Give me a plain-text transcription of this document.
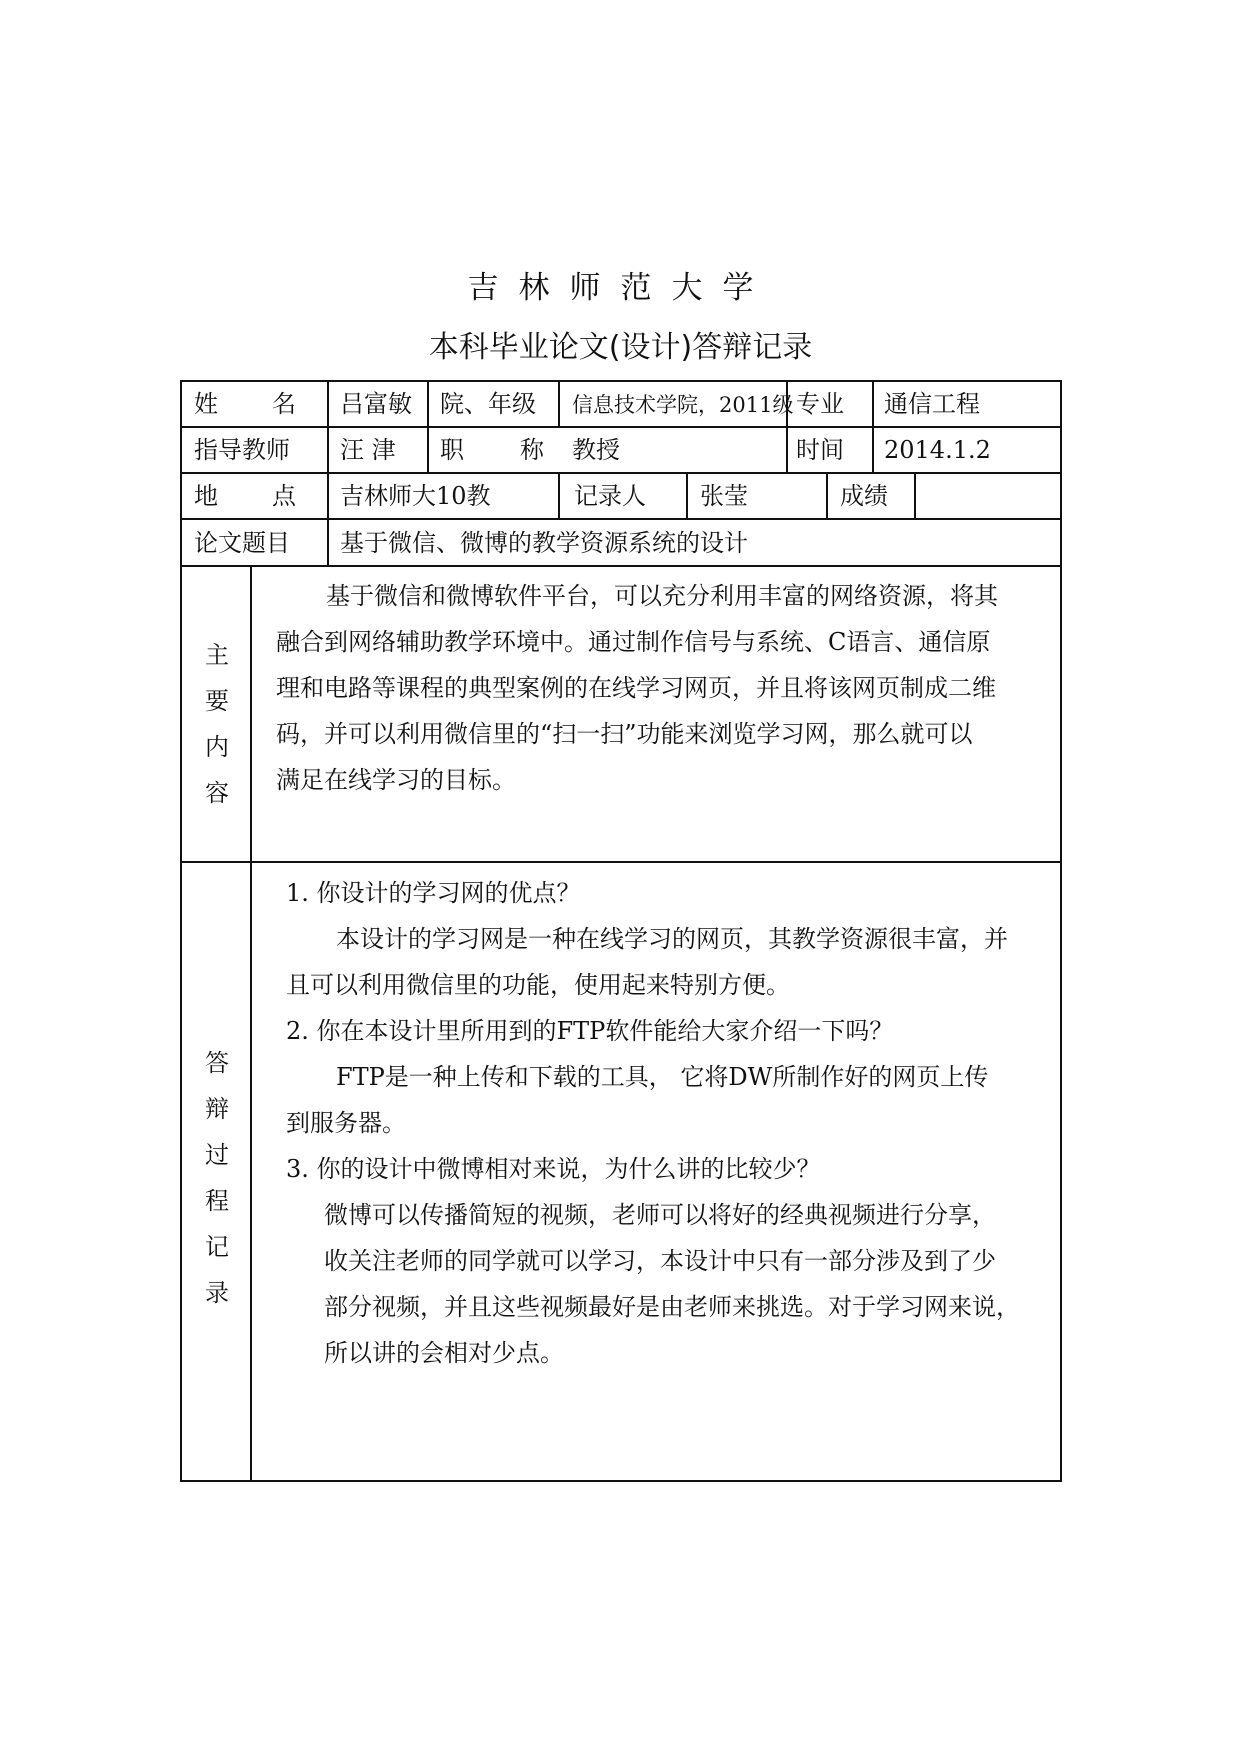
吉林师范大学
本科毕业论文(设计)答辩记录
姓 名 吕富敏 院、年级 信息技术学院，2011级 专业 通信工程
指导教师 汪 津 职 称 教授	时间 2014.1.2
地 点 吉林师大10教	记录人 张莹	成绩
论文题目 基于微信、微博的教学资源系统的设计
主
要
内
容

基于微信和微博软件平台，可以充分利用丰富的网络资源，将其

融合到网络辅助教学环境中。通过制作信号与系统、C语言、通信原

理和电路等课程的典型案例的在线学习网页，并且将该网页制成二维

码，并可以利用微信里的“扫一扫”功能来浏览学习网，那么就可以

满足在线学习的目标。

答
辩
过
程
记
录

1. 你设计的学习网的优点？

本设计的学习网是一种在线学习的网页，其教学资源很丰富，并

且可以利用微信里的功能，使用起来特别方便。

2. 你在本设计里所用到的FTP软件能给大家介绍一下吗？

FTP是一种上传和下载的工具， 它将DW所制作好的网页上传

到服务器。

3. 你的设计中微博相对来说，为什么讲的比较少？

微博可以传播简短的视频，老师可以将好的经典视频进行分享，

收关注老师的同学就可以学习，本设计中只有一部分涉及到了少

部分视频，并且这些视频最好是由老师来挑选。对于学习网来说，

所以讲的会相对少点。
